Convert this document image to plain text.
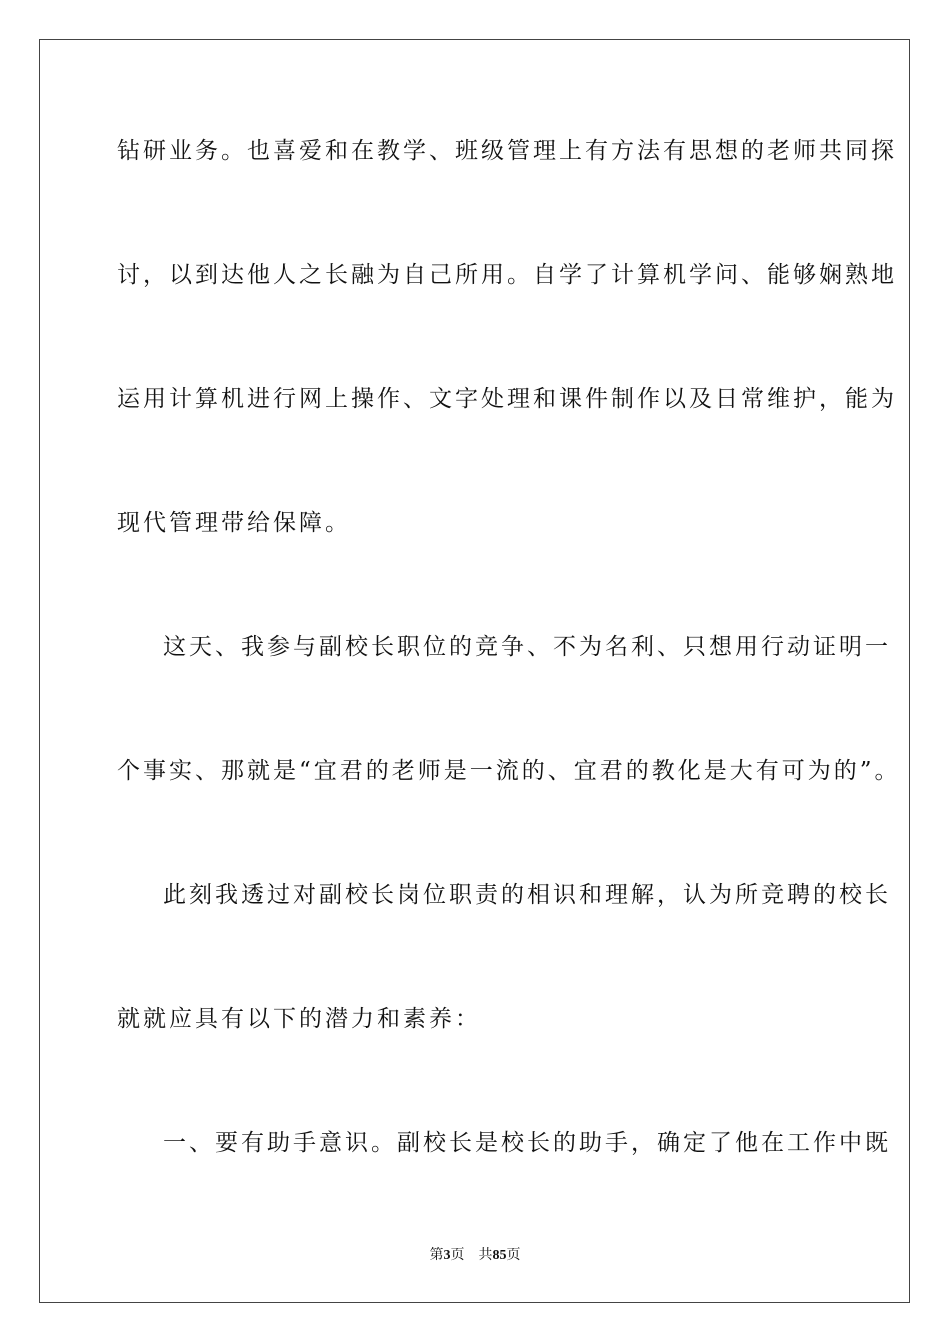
钻研业务。也喜爱和在教学、班级管理上有方法有思想的老师共同探
讨，以到达他人之长融为自己所用。自学了计算机学问、能够娴熟地
运用计算机进行网上操作、文字处理和课件制作以及日常维护，能为
现代管理带给保障。
这天、我参与副校长职位的竞争、不为名利、只想用行动证明一
个事实、那就是“宜君的老师是一流的、宜君的教化是大有可为的”。
此刻我透过对副校长岗位职责的相识和理解，认为所竞聘的校长
就就应具有以下的潜力和素养：
一、要有助手意识。副校长是校长的助手，确定了他在工作中既
第3页 共85页
